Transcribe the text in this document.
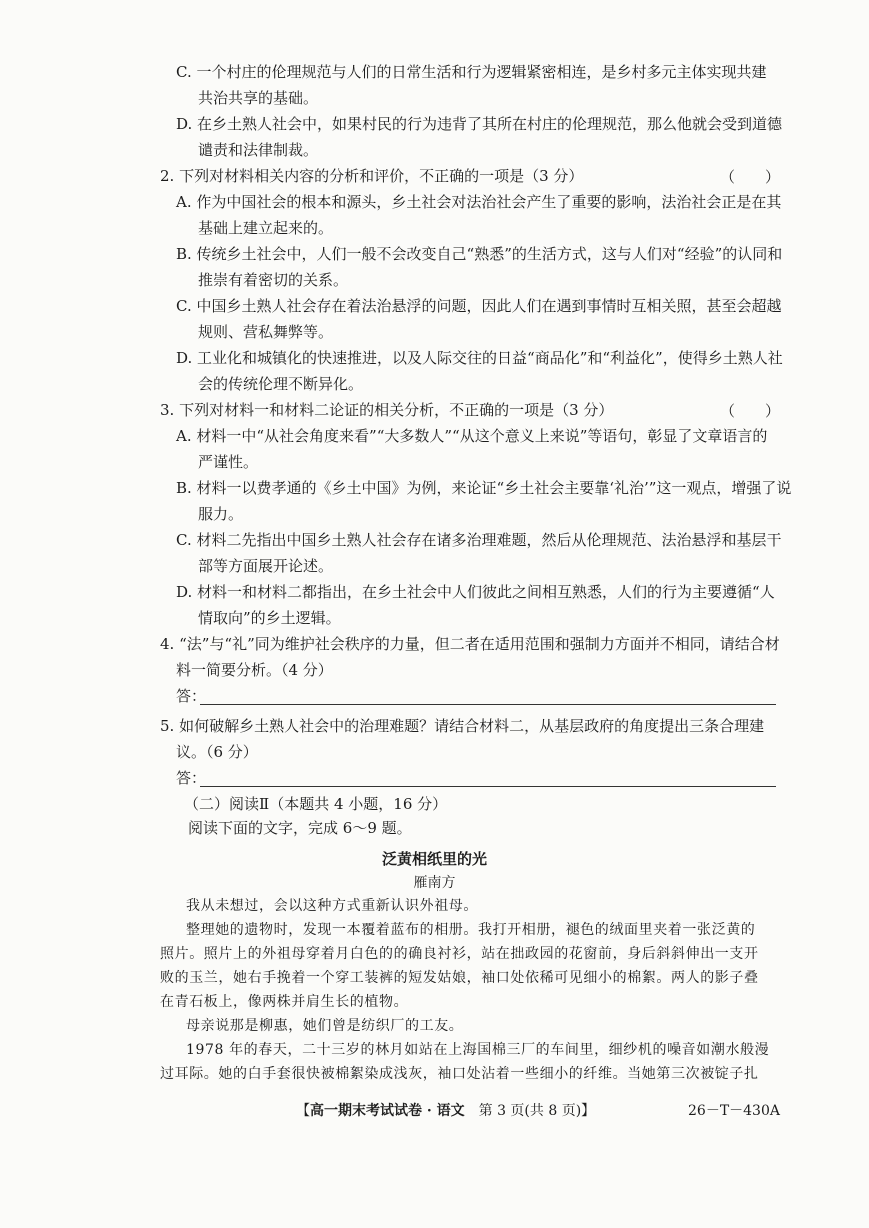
C. 一个村庄的伦理规范与人们的日常生活和行为逻辑紧密相连，是乡村多元主体实现共建
共治共享的基础。
D. 在乡土熟人社会中，如果村民的行为违背了其所在村庄的伦理规范，那么他就会受到道德
谴责和法律制裁。
2. 下列对材料相关内容的分析和评价，不正确的一项是（3 分）	（　　）
A. 作为中国社会的根本和源头，乡土社会对法治社会产生了重要的影响，法治社会正是在其
基础上建立起来的。
B. 传统乡土社会中，人们一般不会改变自己“熟悉”的生活方式，这与人们对“经验”的认同和
推崇有着密切的关系。
C. 中国乡土熟人社会存在着法治悬浮的问题，因此人们在遇到事情时互相关照，甚至会超越
规则、营私舞弊等。
D. 工业化和城镇化的快速推进，以及人际交往的日益“商品化”和“利益化”，使得乡土熟人社
会的传统伦理不断异化。
3. 下列对材料一和材料二论证的相关分析，不正确的一项是（3 分）	（　　）
A. 材料一中“从社会角度来看”“大多数人”“从这个意义上来说”等语句，彰显了文章语言的
严谨性。
B. 材料一以费孝通的《乡土中国》为例，来论证“乡土社会主要靠‘礼治’”这一观点，增强了说
服力。
C. 材料二先指出中国乡土熟人社会存在诸多治理难题，然后从伦理规范、法治悬浮和基层干
部等方面展开论述。
D. 材料一和材料二都指出，在乡土社会中人们彼此之间相互熟悉，人们的行为主要遵循“人
情取向”的乡土逻辑。
4. “法”与“礼”同为维护社会秩序的力量，但二者在适用范围和强制力方面并不相同，请结合材
料一简要分析。（4 分）
答：
5. 如何破解乡土熟人社会中的治理难题？请结合材料二，从基层政府的角度提出三条合理建
议。（6 分）
答：
（二）阅读Ⅱ（本题共 4 小题，16 分）
阅读下面的文字，完成 6～9 题。
泛黄相纸里的光
雁南方
我从未想过，会以这种方式重新认识外祖母。
整理她的遗物时，发现一本覆着蓝布的相册。我打开相册，褪色的绒面里夹着一张泛黄的
照片。照片上的外祖母穿着月白色的的确良衬衫，站在拙政园的花窗前，身后斜斜伸出一支开
败的玉兰，她右手挽着一个穿工装裤的短发姑娘，袖口处依稀可见细小的棉絮。两人的影子叠
在青石板上，像两株并肩生长的植物。
母亲说那是柳惠，她们曾是纺织厂的工友。
1978 年的春天，二十三岁的林月如站在上海国棉三厂的车间里，细纱机的噪音如潮水般漫
过耳际。她的白手套很快被棉絮染成浅灰，袖口处沾着一些细小的纤维。当她第三次被锭子扎
【高一期末考试试卷 · 语文　第 3 页(共 8 页)】	26－T－430A
